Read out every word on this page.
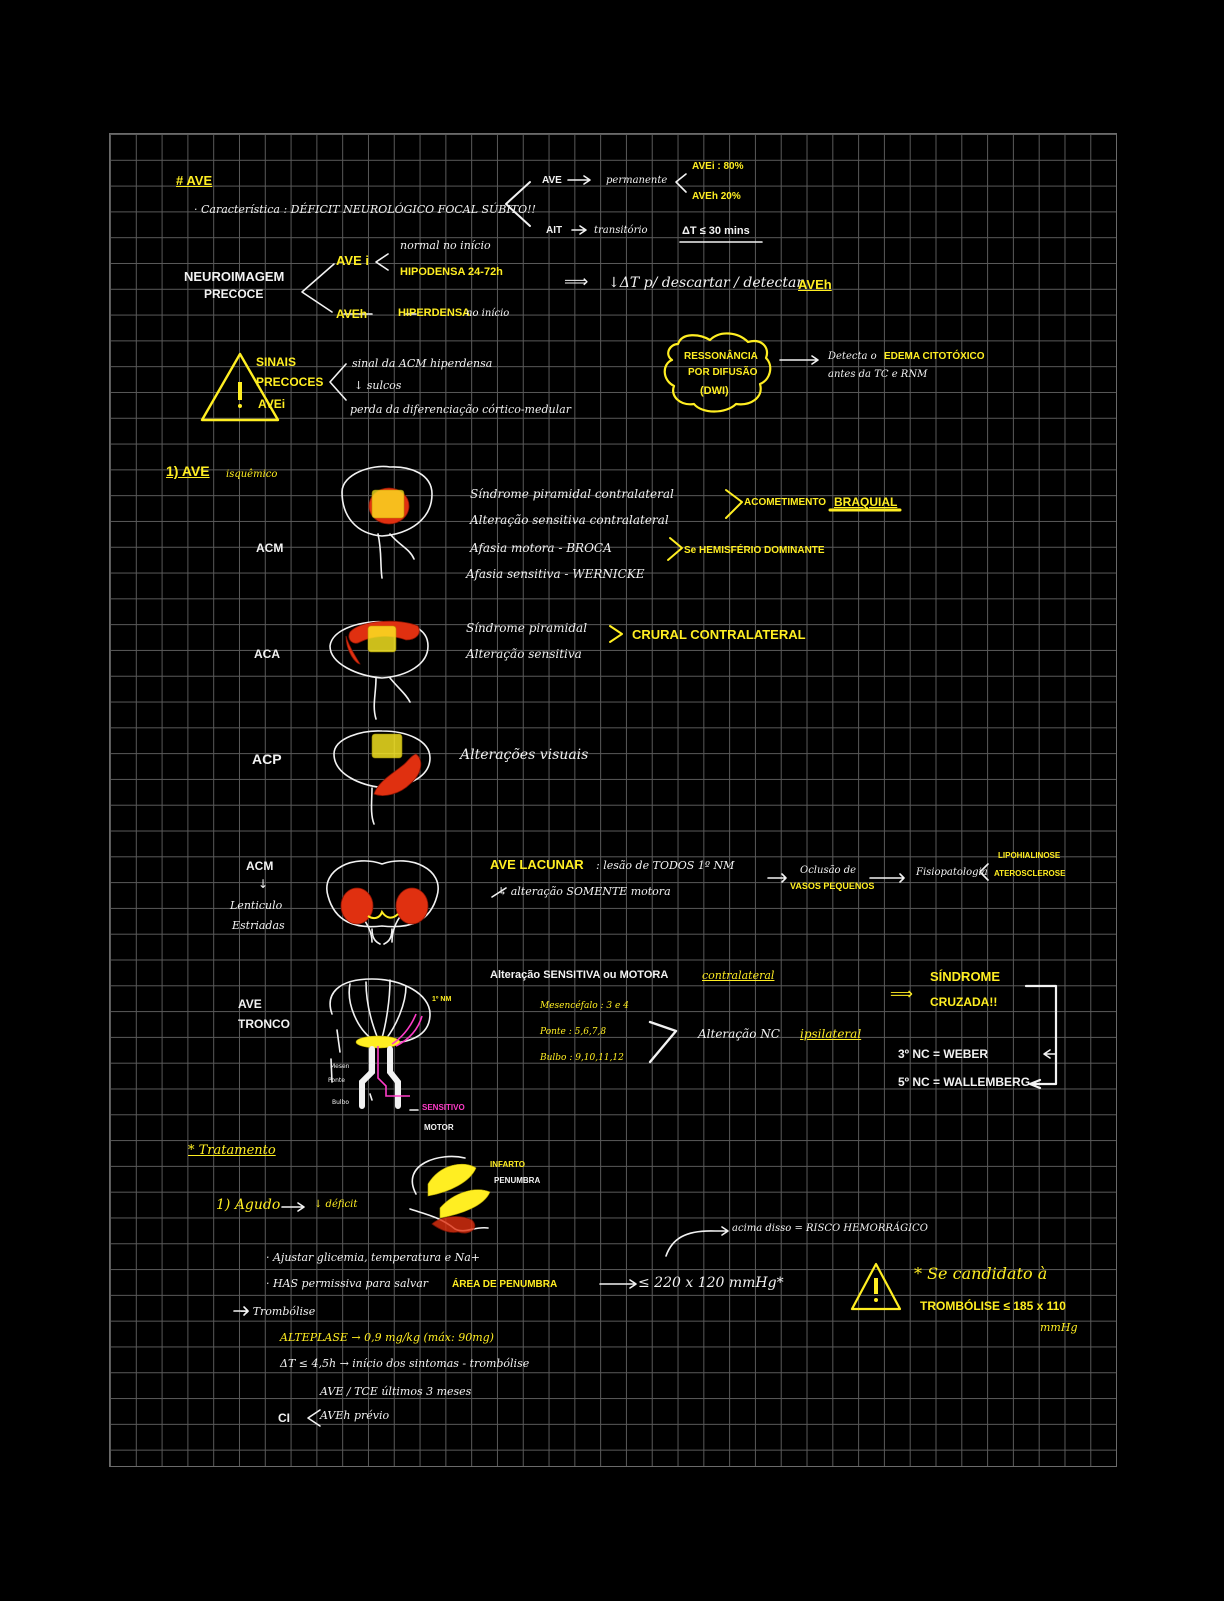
# AVE
· Característica : DÉFICIT NEUROLÓGICO FOCAL SÚBITO!!
AVE	permanente
AVEi : 80%
AVEh 20%
AIT	transitório	ΔT ≤ 30 mins
NEUROIMAGEM
PRECOCE
AVE i
normal no início
HIPODENSA 24-72h
AVEh	HIPERDENSA
no início
⟹ ↓ΔT p/ descartar / detectar
AVEh
SINAIS
PRECOCES
AVEi
sinal da ACM hiperdensa
↓ sulcos
perda da diferenciação córtico-medular
RESSONÂNCIA
POR DIFUSÃO
(DWI)
Detecta o EDEMA CITOTÓXICO
antes da TC e RNM
1) AVE isquêmico
ACM
Síndrome piramidal contralateral
Alteração sensitiva contralateral
Afasia motora - BROCA
Afasia sensitiva - WERNICKE
ACOMETIMENTO BRAQUIAL
Se HEMISFÉRIO DOMINANTE
ACA
Síndrome piramidal
Alteração sensitiva
CRURAL CONTRALATERAL
ACP	Alterações visuais
ACM
↓
Lenticulo
Estriadas
AVE LACUNAR : lesão de TODOS 1º NM
↳ alteração SOMENTE motora
Oclusão de
VASOS PEQUENOS
Fisiopatologia
LIPOHIALINOSE
ATEROSCLEROSE
AVE
TRONCO
1º NM
Mesen
Ponte
Bulbo
SENSITIVO
MOTOR
Alteração SENSITIVA ou MOTORA	contralateral
Mesencéfalo : 3 e 4
Ponte : 5,6,7,8
Bulbo : 9,10,11,12
Alteração NC ipsilateral
⟹
SÍNDROME
CRUZADA!!
3º NC = WEBER
5º NC = WALLEMBERG
* Tratamento
1) Agudo	↓ déficit
INFARTO
PENUMBRA
acima disso = RISCO HEMORRÁGICO
· Ajustar glicemia, temperatura e Na+
· HAS permissiva para salvar ÁREA DE PENUMBRA	≤ 220 x 120 mmHg*
→ Trombólise
ALTEPLASE → 0,9 mg/kg (máx: 90mg)
ΔT ≤ 4,5h → início dos sintomas - trombólise
CI
AVE / TCE últimos 3 meses
AVEh prévio
* Se candidato à
TROMBÓLISE ≤ 185 x 110
mmHg
